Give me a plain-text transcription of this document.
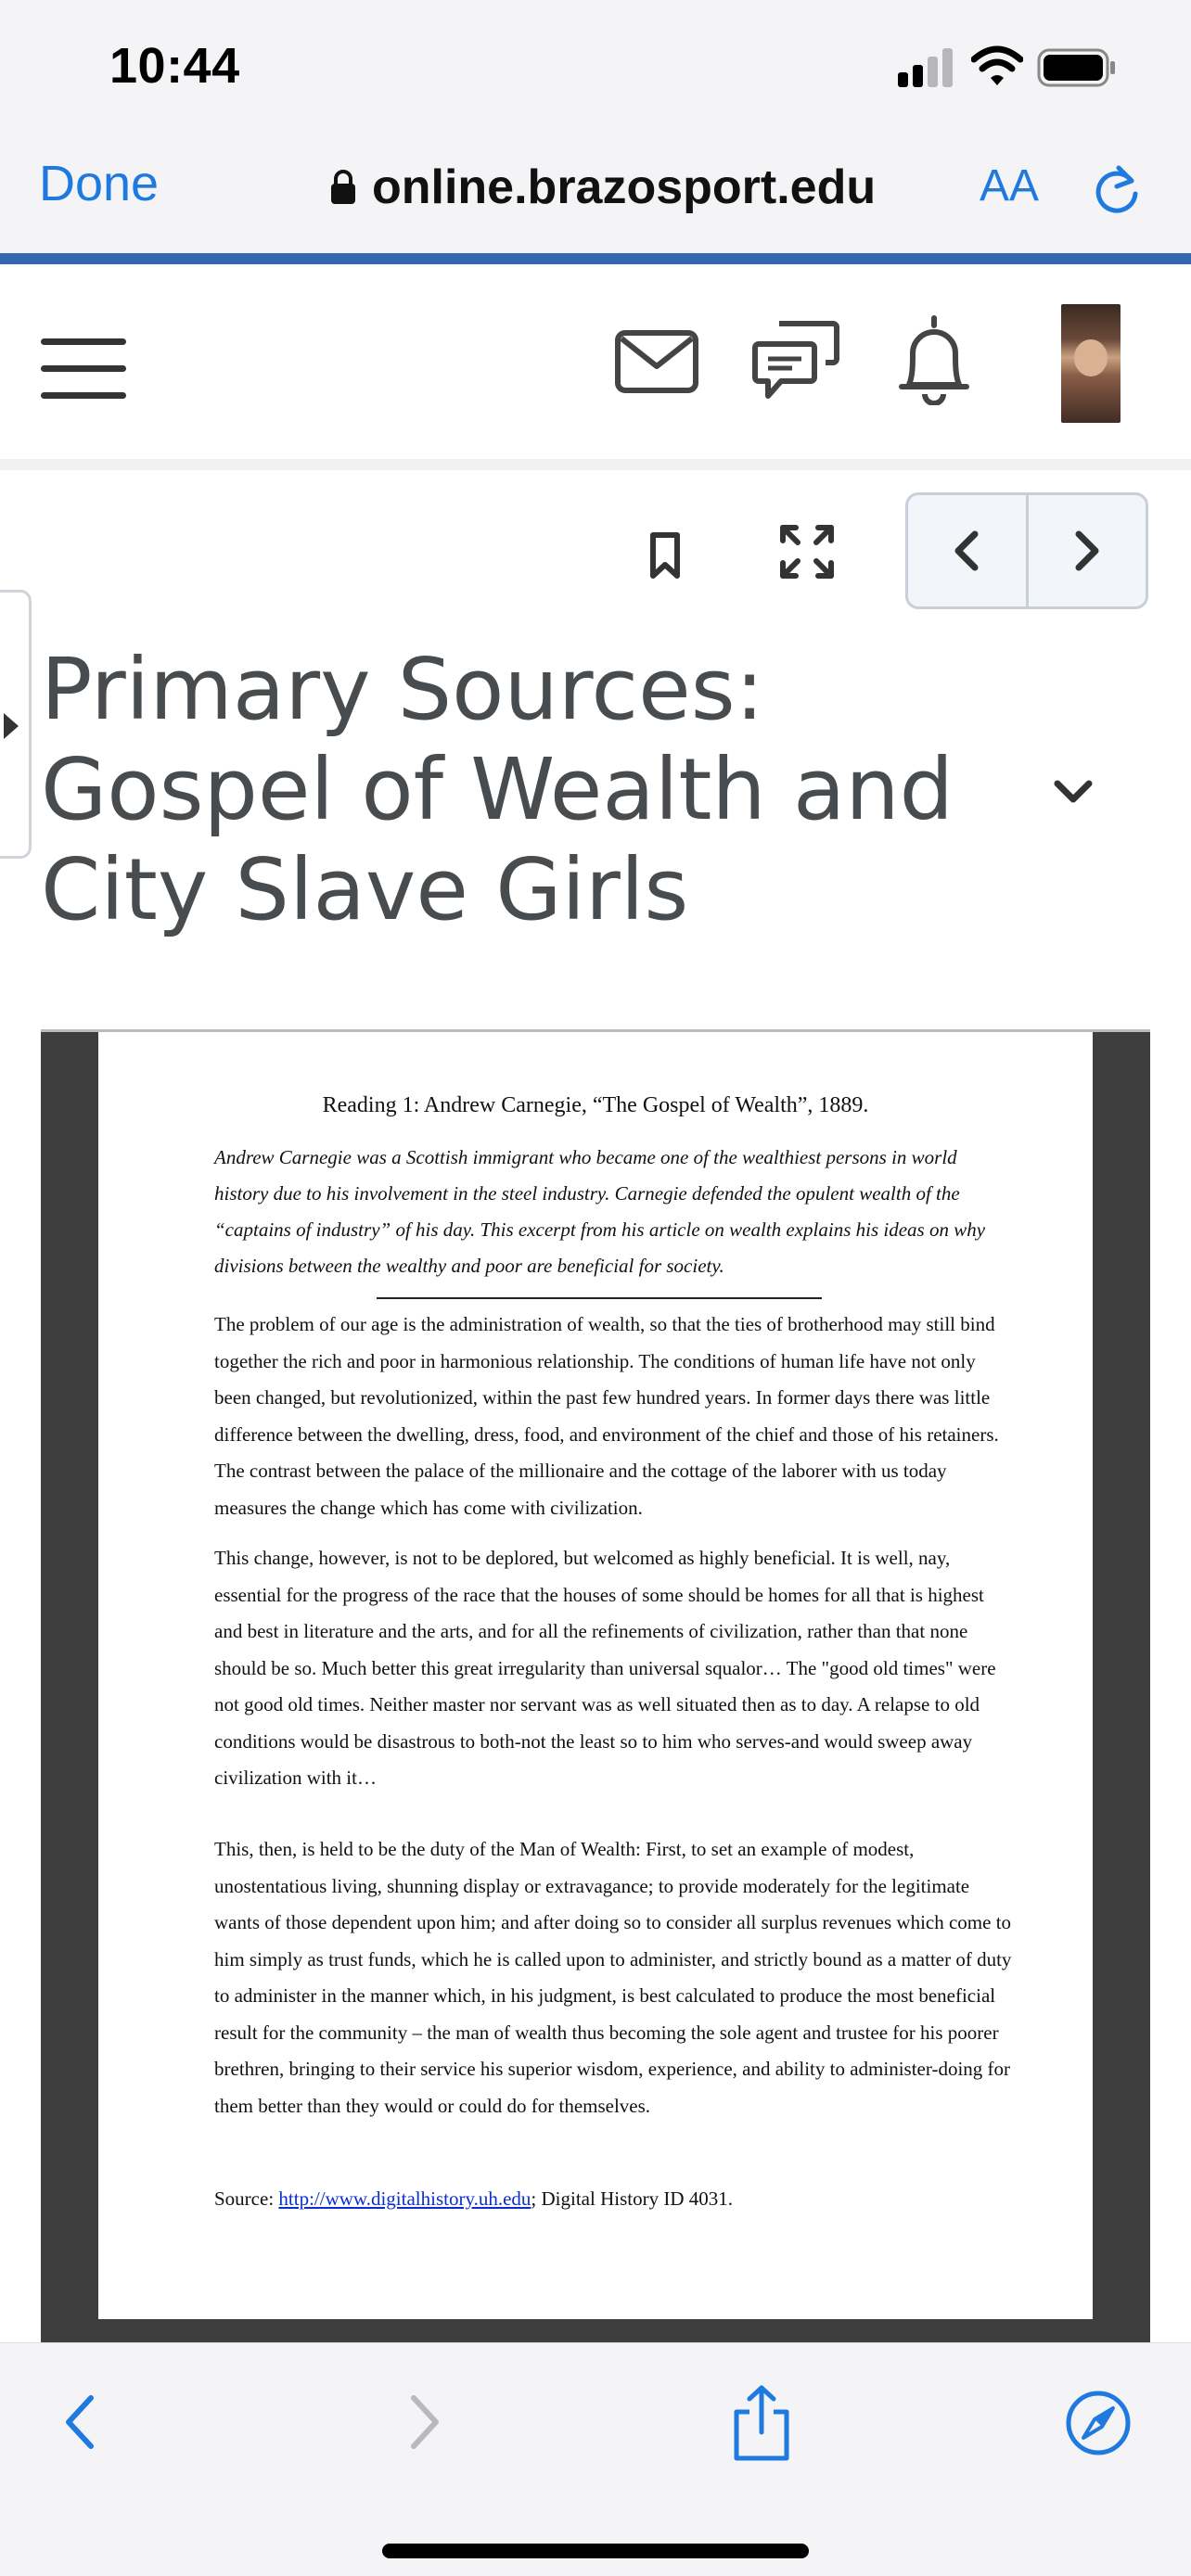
10:44
Done	online.brazosport.edu AA
Primary Sources: Gospel of Wealth and City Slave Girls
Reading 1: Andrew Carnegie, “The Gospel of Wealth”, 1889.
Andrew Carnegie was a Scottish immigrant who became one of the wealthiest persons in world history due to his involvement in the steel industry. Carnegie defended the opulent wealth of the “captains of industry” of his day. This excerpt from his article on wealth explains his ideas on why divisions between the wealthy and poor are beneficial for society.
The problem of our age is the administration of wealth, so that the ties of brotherhood may still bind together the rich and poor in harmonious relationship. The conditions of human life have not only been changed, but revolutionized, within the past few hundred years. In former days there was little difference between the dwelling, dress, food, and environment of the chief and those of his retainers. The contrast between the palace of the millionaire and the cottage of the laborer with us today measures the change which has come with civilization.
This change, however, is not to be deplored, but welcomed as highly beneficial. It is well, nay, essential for the progress of the race that the houses of some should be homes for all that is highest and best in literature and the arts, and for all the refinements of civilization, rather than that none should be so. Much better this great irregularity than universal squalor… The "good old times" were not good old times. Neither master nor servant was as well situated then as to day. A relapse to old conditions would be disastrous to both-not the least so to him who serves-and would sweep away civilization with it…
This, then, is held to be the duty of the Man of Wealth: First, to set an example of modest, unostentatious living, shunning display or extravagance; to provide moderately for the legitimate wants of those dependent upon him; and after doing so to consider all surplus revenues which come to him simply as trust funds, which he is called upon to administer, and strictly bound as a matter of duty to administer in the manner which, in his judgment, is best calculated to produce the most beneficial result for the community – the man of wealth thus becoming the sole agent and trustee for his poorer brethren, bringing to their service his superior wisdom, experience, and ability to administer-doing for them better than they would or could do for themselves.
Source: http://www.digitalhistory.uh.edu; Digital History ID 4031.
